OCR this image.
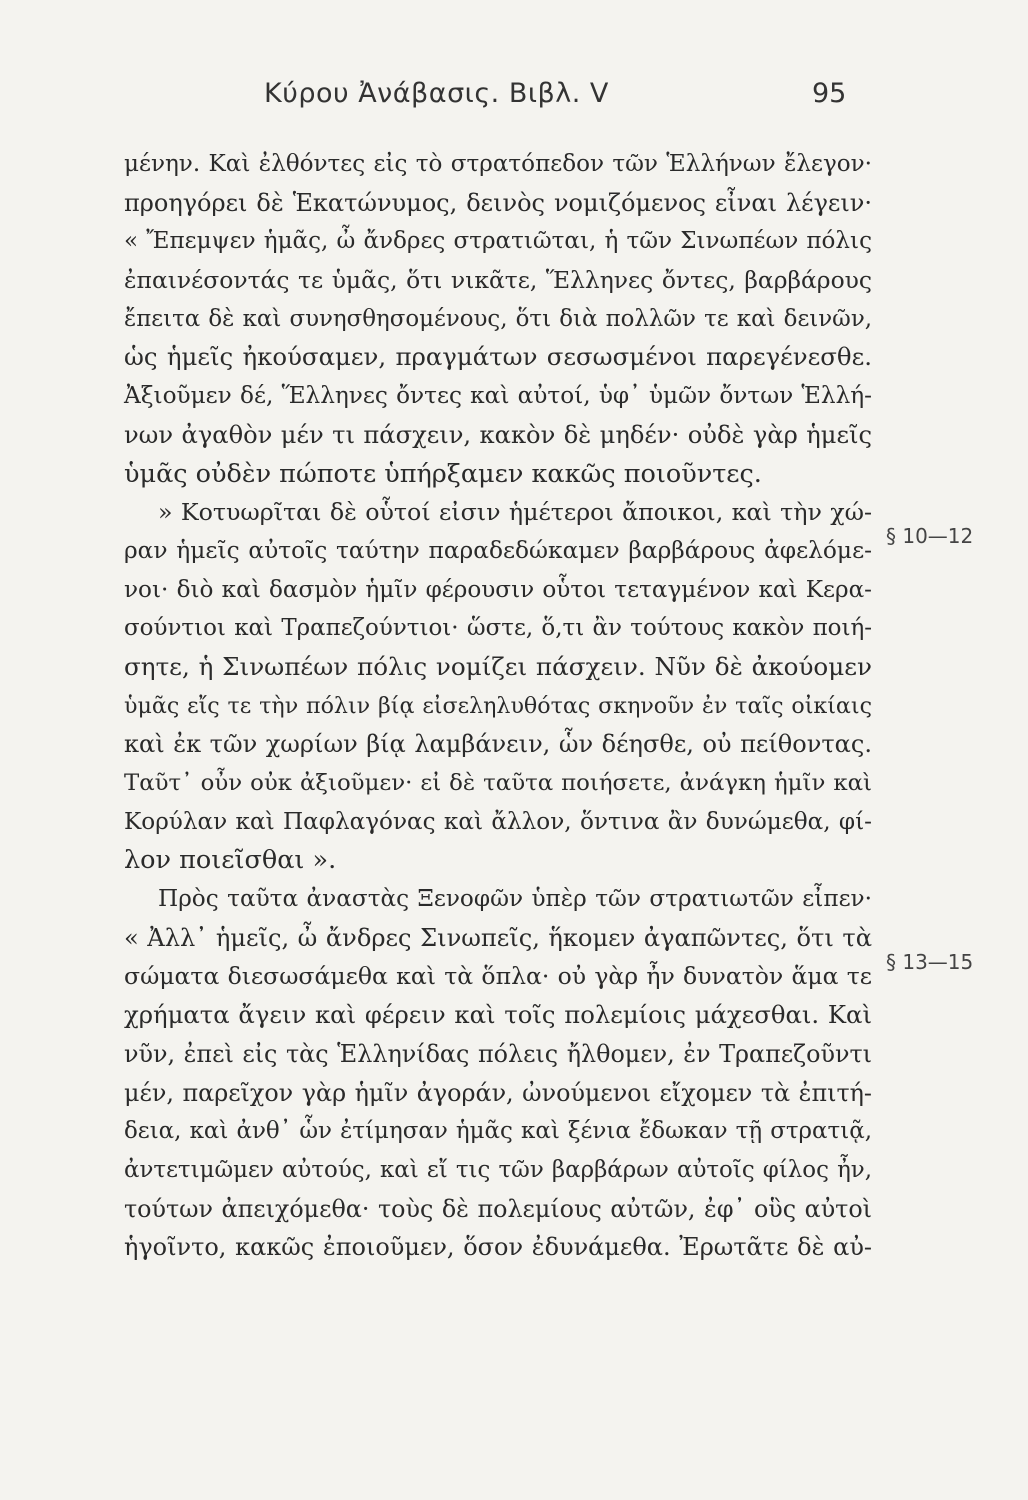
Κύρου Ἀνάβασις. Βιβλ. V	95
μένην. Καὶ ἐλθόντες εἰς τὸ στρατόπεδον τῶν Ἑλλήνων ἔλεγον·
προηγόρει δὲ Ἑκατώνυμος, δεινὸς νομιζόμενος εἶναι λέγειν·
« Ἔπεμψεν ἡμᾶς, ὦ ἄνδρες στρατιῶται, ἡ τῶν Σινωπέων πόλις
ἐπαινέσοντάς τε ὑμᾶς, ὅτι νικᾶτε, Ἕλληνες ὄντες, βαρβάρους
ἔπειτα δὲ καὶ συνησθησομένους, ὅτι διὰ πολλῶν τε καὶ δεινῶν,
ὡς ἡμεῖς ἠκούσαμεν, πραγμάτων σεσωσμένοι παρεγένεσθε.
Ἀξιοῦμεν δέ, Ἕλληνες ὄντες καὶ αὐτοί, ὑφ᾽ ὑμῶν ὄντων Ἑλλή-
νων ἀγαθὸν μέν τι πάσχειν, κακὸν δὲ μηδέν· οὐδὲ γὰρ ἡμεῖς
ὑμᾶς οὐδὲν πώποτε ὑπήρξαμεν κακῶς ποιοῦντες.
» Κοτυωρῖται δὲ οὗτοί εἰσιν ἡμέτεροι ἄποικοι, καὶ τὴν χώ-
ραν ἡμεῖς αὐτοῖς ταύτην παραδεδώκαμεν βαρβάρους ἀφελόμε-
νοι· διὸ καὶ δασμὸν ἡμῖν φέρουσιν οὗτοι τεταγμένον καὶ Κερα-
σούντιοι καὶ Τραπεζούντιοι· ὥστε, ὅ,τι ἂν τούτους κακὸν ποιή-
σητε, ἡ Σινωπέων πόλις νομίζει πάσχειν. Νῦν δὲ ἀκούομεν
ὑμᾶς εἴς τε τὴν πόλιν βίᾳ εἰσεληλυθότας σκηνοῦν ἐν ταῖς οἰκίαις
καὶ ἐκ τῶν χωρίων βίᾳ λαμβάνειν, ὧν δέησθε, οὐ πείθοντας.
Ταῦτ᾽ οὖν οὐκ ἀξιοῦμεν· εἰ δὲ ταῦτα ποιήσετε, ἀνάγκη ἡμῖν καὶ
Κορύλαν καὶ Παφλαγόνας καὶ ἄλλον, ὅντινα ἂν δυνώμεθα, φί-
λον ποιεῖσθαι ».
Πρὸς ταῦτα ἀναστὰς Ξενοφῶν ὑπὲρ τῶν στρατιωτῶν εἶπεν·
« Ἀλλ᾽ ἡμεῖς, ὦ ἄνδρες Σινωπεῖς, ἥκομεν ἀγαπῶντες, ὅτι τὰ
σώματα διεσωσάμεθα καὶ τὰ ὅπλα· οὐ γὰρ ἦν δυνατὸν ἅμα τε
χρήματα ἄγειν καὶ φέρειν καὶ τοῖς πολεμίοις μάχεσθαι. Καὶ
νῦν, ἐπεὶ εἰς τὰς Ἑλληνίδας πόλεις ἤλθομεν, ἐν Τραπεζοῦντι
μέν, παρεῖχον γὰρ ἡμῖν ἀγοράν, ὠνούμενοι εἴχομεν τὰ ἐπιτή-
δεια, καὶ ἀνθ᾽ ὧν ἐτίμησαν ἡμᾶς καὶ ξένια ἔδωκαν τῇ στρατιᾷ,
ἀντετιμῶμεν αὐτούς, καὶ εἴ τις τῶν βαρβάρων αὐτοῖς φίλος ἦν,
τούτων ἀπειχόμεθα· τοὺς δὲ πολεμίους αὐτῶν, ἐφ᾽ οὓς αὐτοὶ
ἡγοῖντο, κακῶς ἐποιοῦμεν, ὅσον ἐδυνάμεθα. Ἐρωτᾶτε δὲ αὐ-
§ 10—12
§ 13—15
